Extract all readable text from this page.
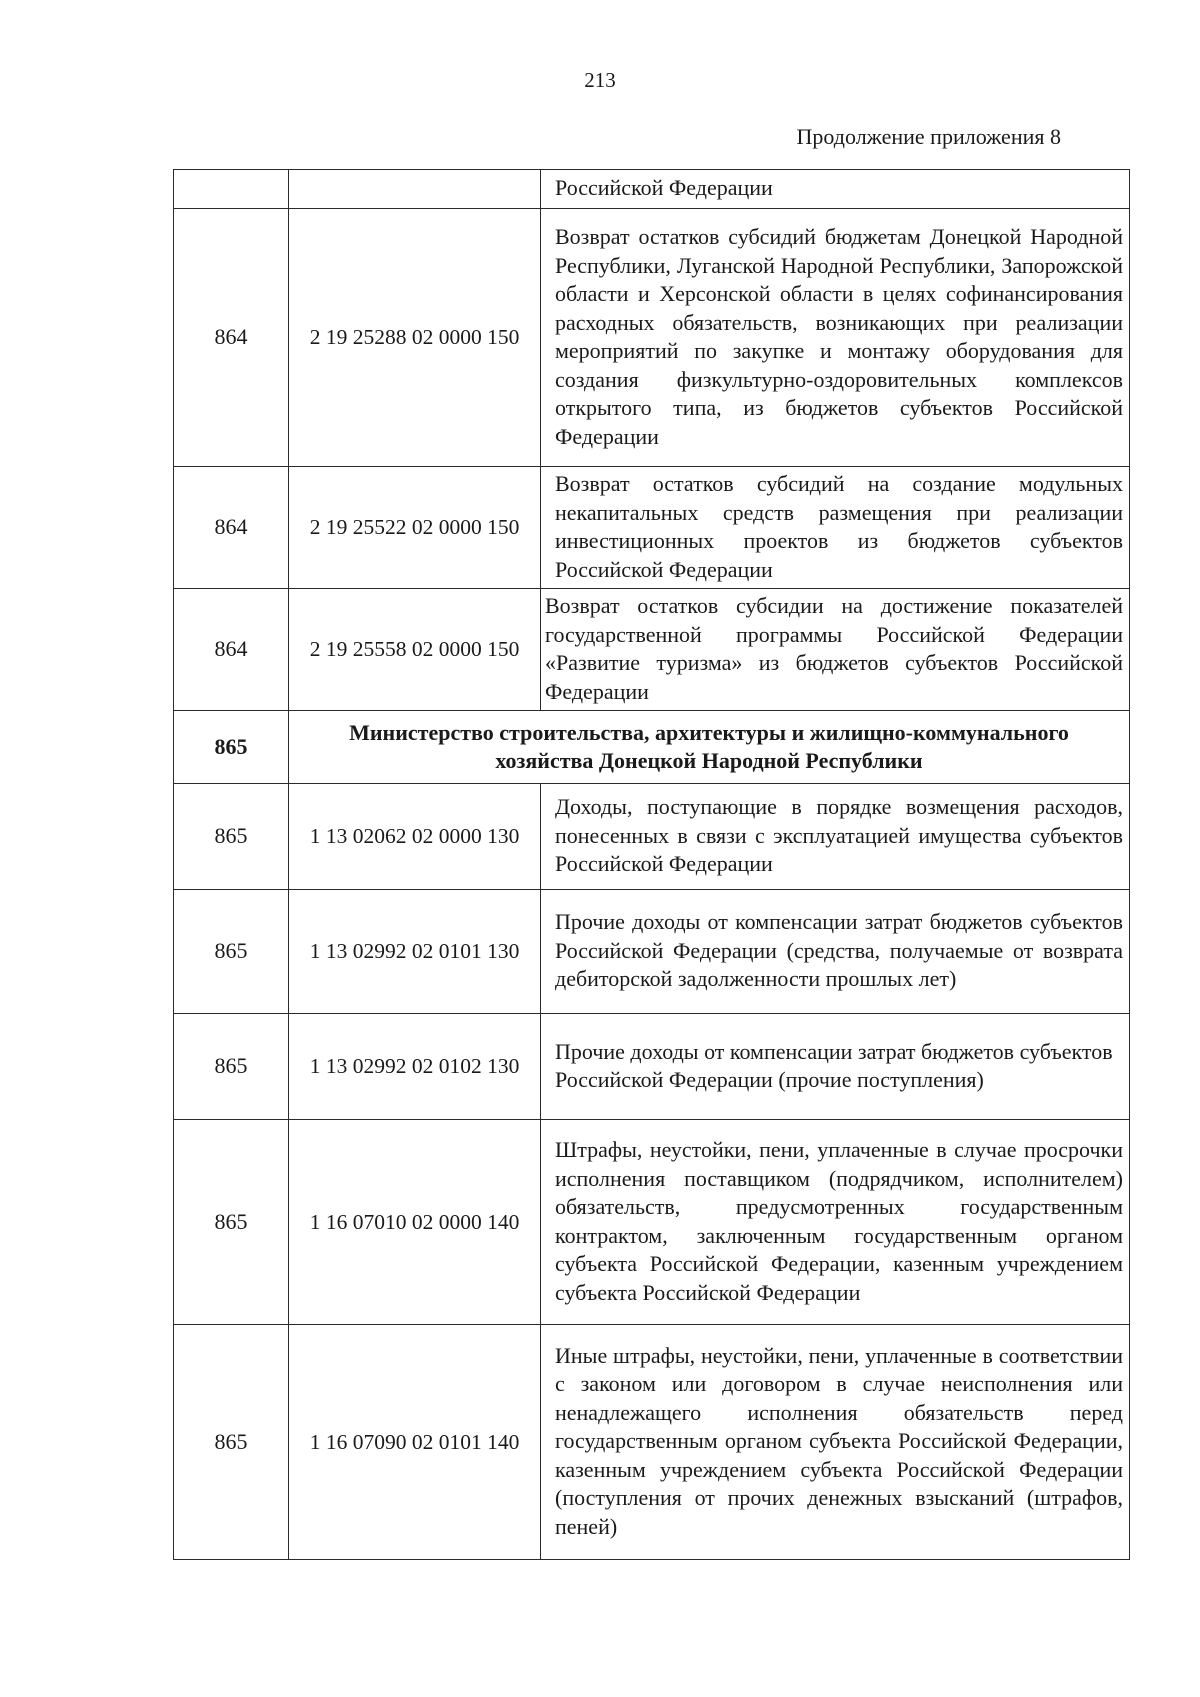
213
Продолжение приложения 8
		Российской Федерации
864	2 19 25288 02 0000 150	Возврат остатков субсидий бюджетам Донецкой Народной Республики, Луганской Народной Республики, Запорожской области и Херсонской области в целях софинансирования расходных обязательств, возникающих при реализации мероприятий по закупке и монтажу оборудования для создания физкультурно-оздоровительных комплексов открытого типа, из бюджетов субъектов Российской Федерации
864	2 19 25522 02 0000 150	Возврат остатков субсидий на создание модульных некапитальных средств размещения при реализации инвестиционных проектов из бюджетов субъектов Российской Федерации
864	2 19 25558 02 0000 150	Возврат остатков субсидии на достижение показателей государственной программы Российской Федерации «Развитие туризма» из бюджетов субъектов Российской Федерации
865	Министерство строительства, архитектуры и жилищно-коммунального хозяйства Донецкой Народной Республики	
865	1 13 02062 02 0000 130	Доходы, поступающие в порядке возмещения расходов, понесенных в связи с эксплуатацией имущества субъектов Российской Федерации
865	1 13 02992 02 0101 130	Прочие доходы от компенсации затрат бюджетов субъектов Российской Федерации (средства, получаемые от возврата дебиторской задолженности прошлых лет)
865	1 13 02992 02 0102 130	Прочие доходы от компенсации затрат бюджетов субъектов Российской Федерации (прочие поступления)
865	1 16 07010 02 0000 140	Штрафы, неустойки, пени, уплаченные в случае просрочки исполнения поставщиком (подрядчиком, исполнителем) обязательств, предусмотренных государственным контрактом, заключенным государственным органом субъекта Российской Федерации, казенным учреждением субъекта Российской Федерации
865	1 16 07090 02 0101 140	Иные штрафы, неустойки, пени, уплаченные в соответствии с законом или договором в случае неисполнения или ненадлежащего исполнения обязательств перед государственным органом субъекта Российской Федерации, казенным учреждением субъекта Российской Федерации (поступления от прочих денежных взысканий (штрафов, пеней)
